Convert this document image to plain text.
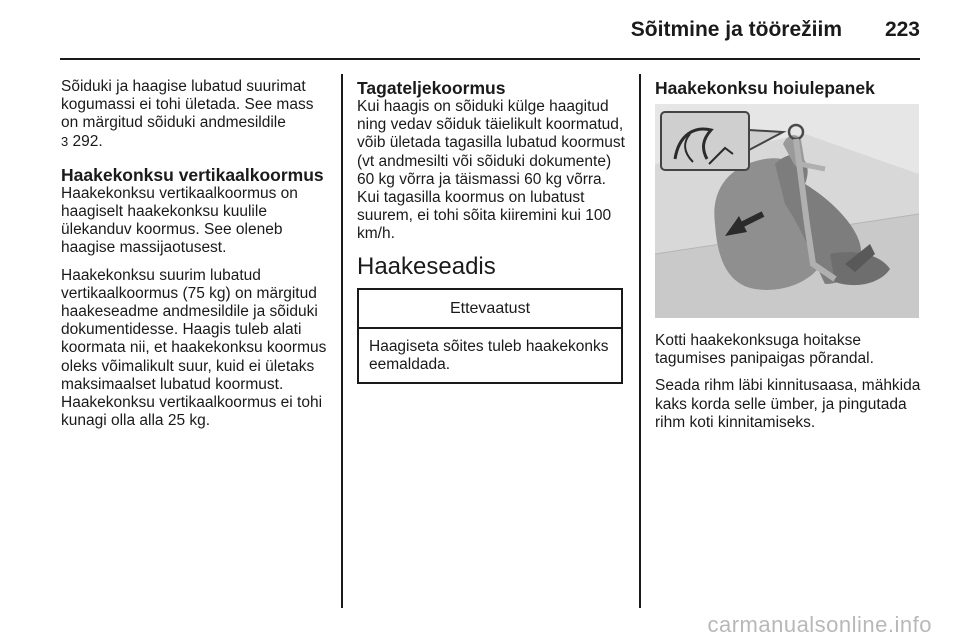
Sõitmine ja töörežiim 223

Sõiduki ja haagise lubatud suurimat kogumassi ei tohi ületada. See mass on märgitud sõiduki andmesildile
3 292.

Haakekonksu vertikaalkoormus

Haakekonksu vertikaalkoormus on haagiselt haakekonksu kuulile ülekanduv koormus. See oleneb haagise massijaotusest.

Haakekonksu suurim lubatud vertikaalkoormus (75 kg) on märgitud haakeseadme andmesildile ja sõiduki dokumentidesse. Haagis tuleb alati koormata nii, et haakekonksu koormus oleks võimalikult suur, kuid ei ületaks maksimaalset lubatud koormust. Haakekonksu vertikaalkoormus ei tohi kunagi olla alla 25 kg.

Tagateljekoormus

Kui haagis on sõiduki külge haagitud ning vedav sõiduk täielikult koormatud, võib ületada tagasilla lubatud koormust (vt andmesilti või sõiduki dokumente) 60 kg võrra ja täismassi 60 kg võrra. Kui tagasilla koormus on lubatust suurem, ei tohi sõita kiiremini kui 100 km/h.

Haakeseadis
Ettevaatust
Haagiseta sõites tuleb haakekonks eemaldada.
Haakekonksu hoiulepanek

Kotti haakekonksuga hoitakse tagumises panipaigas põrandal.

Seada rihm läbi kinnitusaasa, mähkida kaks korda selle ümber, ja pingutada rihm koti kinnitamiseks.

carmanualsonline.info
